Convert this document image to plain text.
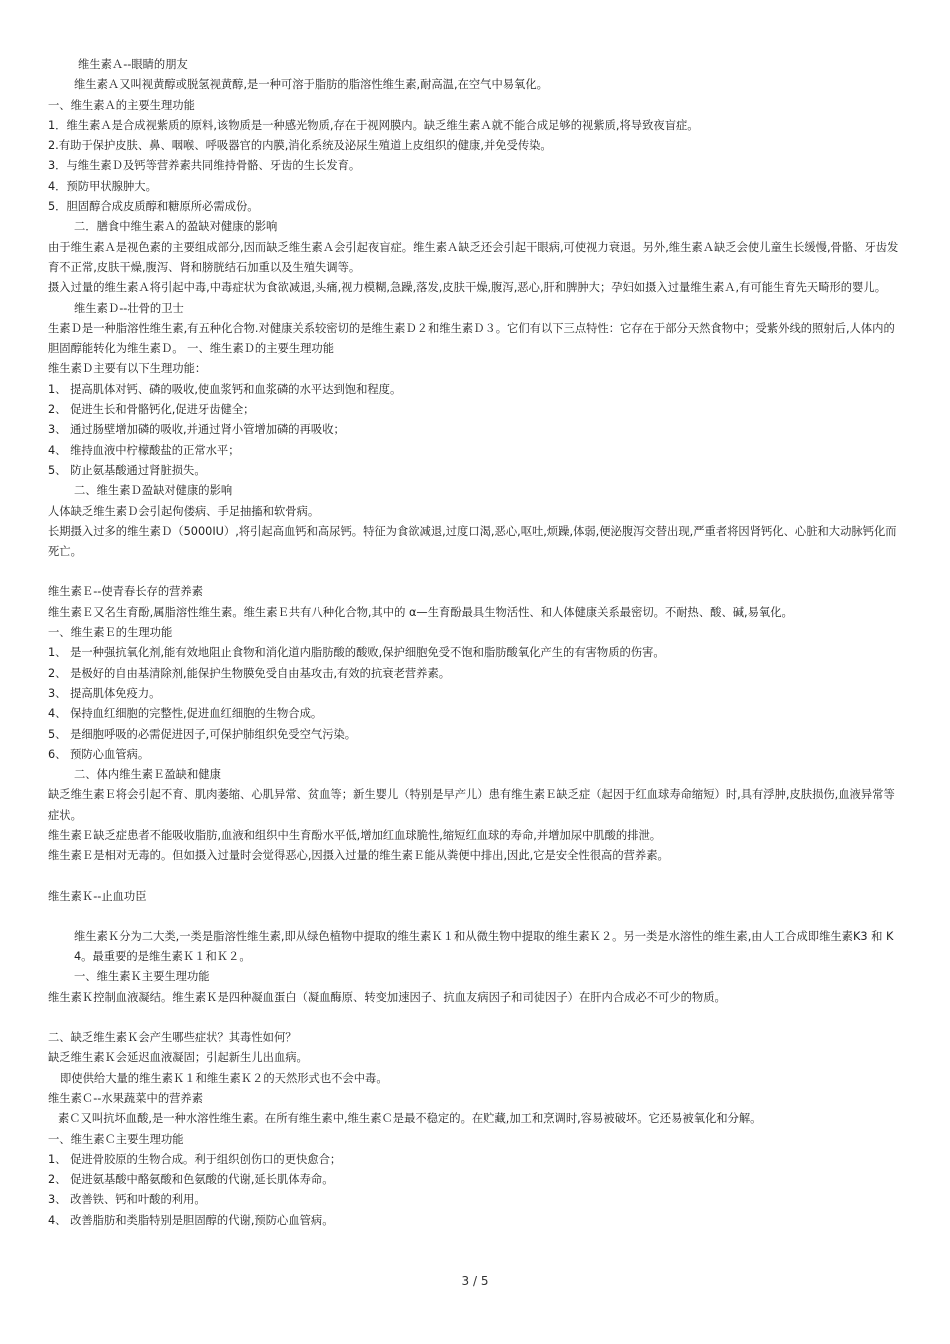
维生素Ａ--眼睛的朋友
维生素Ａ又叫视黄醇或脱氢视黄醇,是一种可溶于脂肪的脂溶性维生素,耐高温,在空气中易氧化。
一、维生素Ａ的主要生理功能
1．维生素Ａ是合成视紫质的原料,该物质是一种感光物质,存在于视网膜内。缺乏维生素Ａ就不能合成足够的视紫质,将导致夜盲症。
2.有助于保护皮肤、鼻、咽喉、呼吸器官的内膜,消化系统及泌尿生殖道上皮组织的健康,并免受传染。
3．与维生素Ｄ及钙等营养素共同维持骨骼、牙齿的生长发育。
4．预防甲状腺肿大。
5．胆固醇合成皮质醇和糖原所必需成份。
二．膳食中维生素Ａ的盈缺对健康的影响
由于维生素Ａ是视色素的主要组成部分,因而缺乏维生素Ａ会引起夜盲症。维生素Ａ缺乏还会引起干眼病,可使视力衰退。另外,维生素Ａ缺乏会使儿童生长缓慢,骨骼、牙齿发育不正常,皮肤干燥,腹泻、肾和膀胱结石加重以及生殖失调等。
摄入过量的维生素Ａ将引起中毒,中毒症状为食欲减退,头痛,视力模糊,急躁,落发,皮肤干燥,腹泻,恶心,肝和脾肿大；孕妇如摄入过量维生素Ａ,有可能生育先天畸形的婴儿。
维生素Ｄ--壮骨的卫士
生素Ｄ是一种脂溶性维生素,有五种化合物.对健康关系较密切的是维生素Ｄ２和维生素Ｄ３。它们有以下三点特性：它存在于部分天然食物中；受紫外线的照射后,人体内的胆固醇能转化为维生素Ｄ。 一、维生素Ｄ的主要生理功能
维生素Ｄ主要有以下生理功能：
1、 提高肌体对钙、磷的吸收,使血浆钙和血浆磷的水平达到饱和程度。
2、 促进生长和骨骼钙化,促进牙齿健全；
3、 通过肠壁增加磷的吸收,并通过肾小管增加磷的再吸收；
4、 维持血液中柠檬酸盐的正常水平；
5、 防止氨基酸通过肾脏损失。
二、维生素Ｄ盈缺对健康的影响
人体缺乏维生素Ｄ会引起佝偻病、手足抽搐和软骨病。
长期摄入过多的维生素Ｄ（5000IU）,将引起高血钙和高尿钙。特征为食欲减退,过度口渴,恶心,呕吐,烦躁,体弱,便泌腹泻交替出现,严重者将因肾钙化、心脏和大动脉钙化而死亡。
维生素Ｅ--使青春长存的营养素
维生素Ｅ又名生育酚,属脂溶性维生素。维生素Ｅ共有八种化合物,其中的 α—生育酚最具生物活性、和人体健康关系最密切。不耐热、酸、碱,易氧化。
一、维生素Ｅ的生理功能
1、 是一种强抗氧化剂,能有效地阻止食物和消化道内脂肪酸的酸败,保护细胞免受不饱和脂肪酸氧化产生的有害物质的伤害。
2、 是极好的自由基清除剂,能保护生物膜免受自由基攻击,有效的抗衰老营养素。
3、 提高肌体免疫力。
4、 保持血红细胞的完整性,促进血红细胞的生物合成。
5、 是细胞呼吸的必需促进因子,可保护肺组织免受空气污染。
6、 预防心血管病。
二、体内维生素Ｅ盈缺和健康
缺乏维生素Ｅ将会引起不育、肌肉萎缩、心肌异常、贫血等；新生婴儿（特别是早产儿）患有维生素Ｅ缺乏症（起因于红血球寿命缩短）时,具有浮肿,皮肤损伤,血液异常等症状。
维生素Ｅ缺乏症患者不能吸收脂肪,血液和组织中生育酚水平低,增加红血球脆性,缩短红血球的寿命,并增加尿中肌酸的排泄。
维生素Ｅ是相对无毒的。但如摄入过量时会觉得恶心,因摄入过量的维生素Ｅ能从粪便中排出,因此,它是安全性很高的营养素。
维生素Ｋ--止血功臣
维生素Ｋ分为二大类,一类是脂溶性维生素,即从绿色植物中提取的维生素Ｋ１和从微生物中提取的维生素Ｋ２。另一类是水溶性的维生素,由人工合成即维生素K3 和 K4。最重要的是维生素Ｋ１和Ｋ２。
一、维生素Ｋ主要生理功能
维生素Ｋ控制血液凝结。维生素Ｋ是四种凝血蛋白（凝血酶原、转变加速因子、抗血友病因子和司徒因子）在肝内合成必不可少的物质。
二、缺乏维生素Ｋ会产生哪些症状？其毒性如何？
缺乏维生素Ｋ会延迟血液凝固；引起新生儿出血病。
即使供给大量的维生素Ｋ１和维生素Ｋ２的天然形式也不会中毒。
维生素Ｃ--水果蔬菜中的营养素
素Ｃ又叫抗坏血酸,是一种水溶性维生素。在所有维生素中,维生素Ｃ是最不稳定的。在贮藏,加工和烹调时,容易被破坏。它还易被氧化和分解。
一、维生素Ｃ主要生理功能
1、 促进骨胶原的生物合成。利于组织创伤口的更快愈合；
2、 促进氨基酸中酪氨酸和色氨酸的代谢,延长肌体寿命。
3、 改善铁、钙和叶酸的利用。
4、 改善脂肪和类脂特别是胆固醇的代谢,预防心血管病。
3 / 5
